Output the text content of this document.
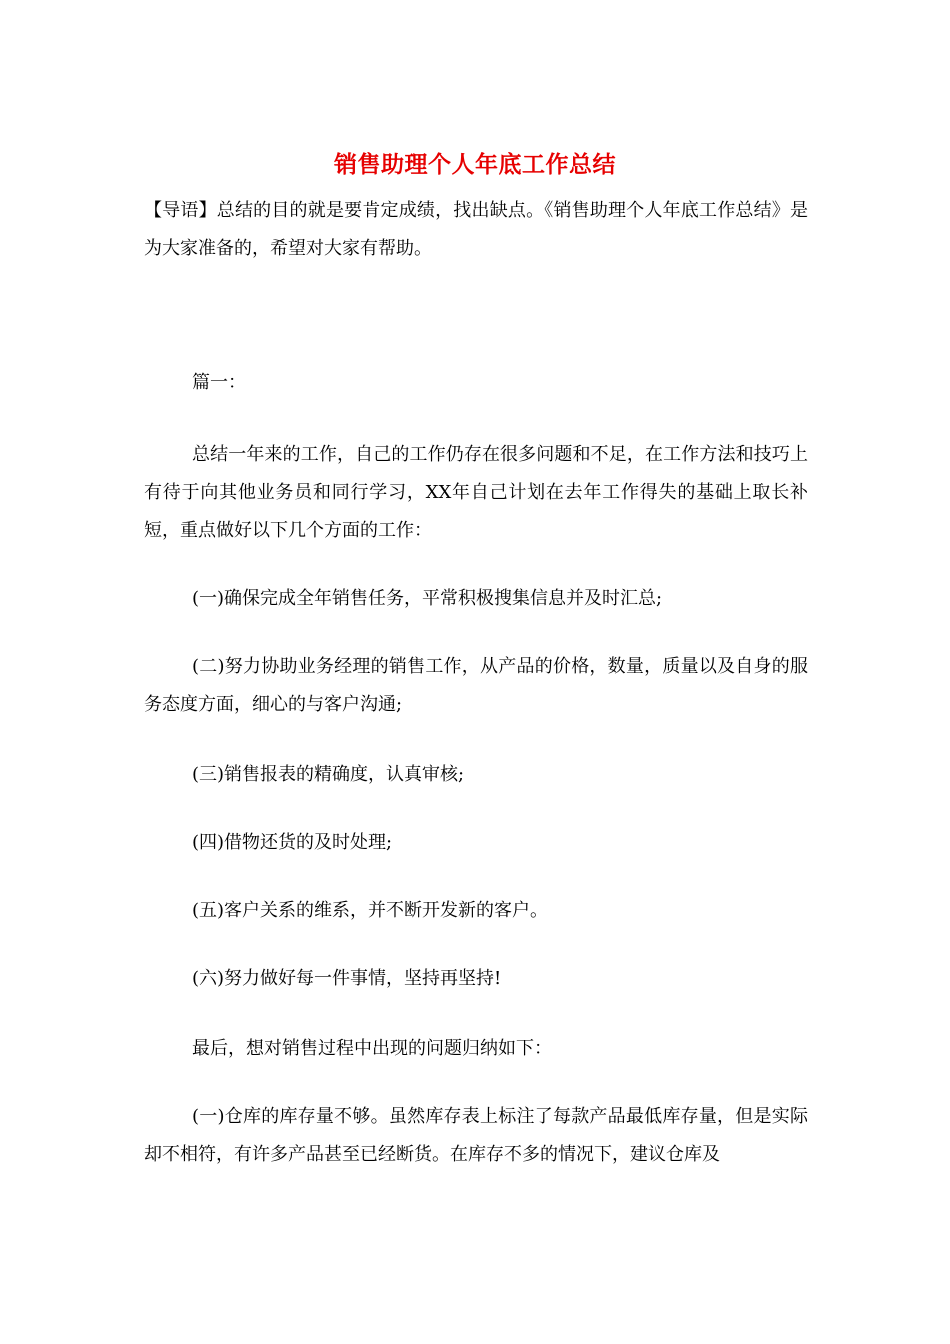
销售助理个人年底工作总结
【导语】总结的目的就是要肯定成绩，找出缺点。《销售助理个人年底工作总结》是为大家准备的，希望对大家有帮助。
篇一：
总结一年来的工作，自己的工作仍存在很多问题和不足，在工作方法和技巧上有待于向其他业务员和同行学习，XX年自己计划在去年工作得失的基础上取长补短，重点做好以下几个方面的工作：
(一)确保完成全年销售任务，平常积极搜集信息并及时汇总;
(二)努力协助业务经理的销售工作，从产品的价格，数量，质量以及自身的服务态度方面，细心的与客户沟通;
(三)销售报表的精确度，认真审核;
(四)借物还货的及时处理;
(五)客户关系的维系，并不断开发新的客户。
(六)努力做好每一件事情，坚持再坚持!
最后，想对销售过程中出现的问题归纳如下：
(一)仓库的库存量不够。虽然库存表上标注了每款产品最低库存量，但是实际却不相符，有许多产品甚至已经断货。在库存不多的情况下，建议仓库及
